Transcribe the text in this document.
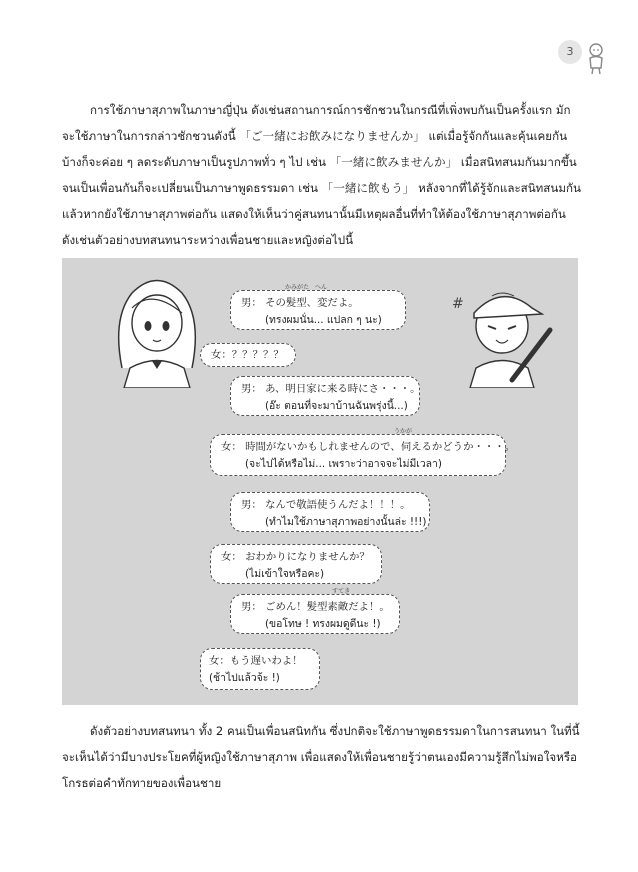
3

การใช้ภาษาสุภาพในภาษาญี่ปุ่น ดังเช่นสถานการณ์การชักชวนในกรณีที่เพิ่งพบกันเป็นครั้งแรก มักจะใช้ภาษาในการกล่าวชักชวนดังนี้ 「ご一緒にお飲みになりませんか」 แต่เมื่อรู้จักกันและคุ้นเคยกันบ้างก็จะค่อย ๆ ลดระดับภาษาเป็นรูปภาพทั่ว ๆ ไป เช่น 「一緒に飲みませんか」 เมื่อสนิทสนมกันมากขึ้นจนเป็นเพื่อนกันก็จะเปลี่ยนเป็นภาษาพูดธรรมดา เช่น 「一緒に飲もう」 หลังจากที่ได้รู้จักและสนิทสนมกันแล้วหากยังใช้ภาษาสุภาพต่อกัน แสดงให้เห็นว่าคู่สนทนานั้นมีเหตุผลอื่นที่ทำให้ต้องใช้ภาษาสุภาพต่อกัน ดังเช่นตัวอย่างบทสนทนาระหว่างเพื่อนชายและหญิงต่อไปนี้

#
男： その髪型、変だよ。
(ทรงผมนั่น... แปลก ๆ นะ)
かみがた　へん
女：？？？？？
男： あ、明日家に来る時にさ・・・。
(อ๊ะ ตอนที่จะมาบ้านฉันพรุ่งนี้...)
女： 時間がないかもしれませんので、伺えるかどうか・・・。
(จะไปได้หรือไม่... เพราะว่าอาจจะไม่มีเวลา)
うかが
男： なんで敬語使うんだよ！！！。
(ทำไมใช้ภาษาสุภาพอย่างนั้นล่ะ !!!)
女： おわかりになりませんか？
(ไม่เข้าใจหรือคะ)
男： ごめん！髪型素敵だよ！。
(ขอโทษ ! ทรงผมดูดีนะ !)
すてき
女：もう遅いわよ！
(ช้าไปแล้วจ้ะ !)

ดังตัวอย่างบทสนทนา ทั้ง 2 คนเป็นเพื่อนสนิทกัน ซึ่งปกติจะใช้ภาษาพูดธรรมดาในการสนทนา ในที่นี้จะเห็นได้ว่ามีบางประโยคที่ผู้หญิงใช้ภาษาสุภาพ เพื่อแสดงให้เพื่อนชายรู้ว่าตนเองมีความรู้สึกไม่พอใจหรือโกรธต่อคำทักทายของเพื่อนชาย
